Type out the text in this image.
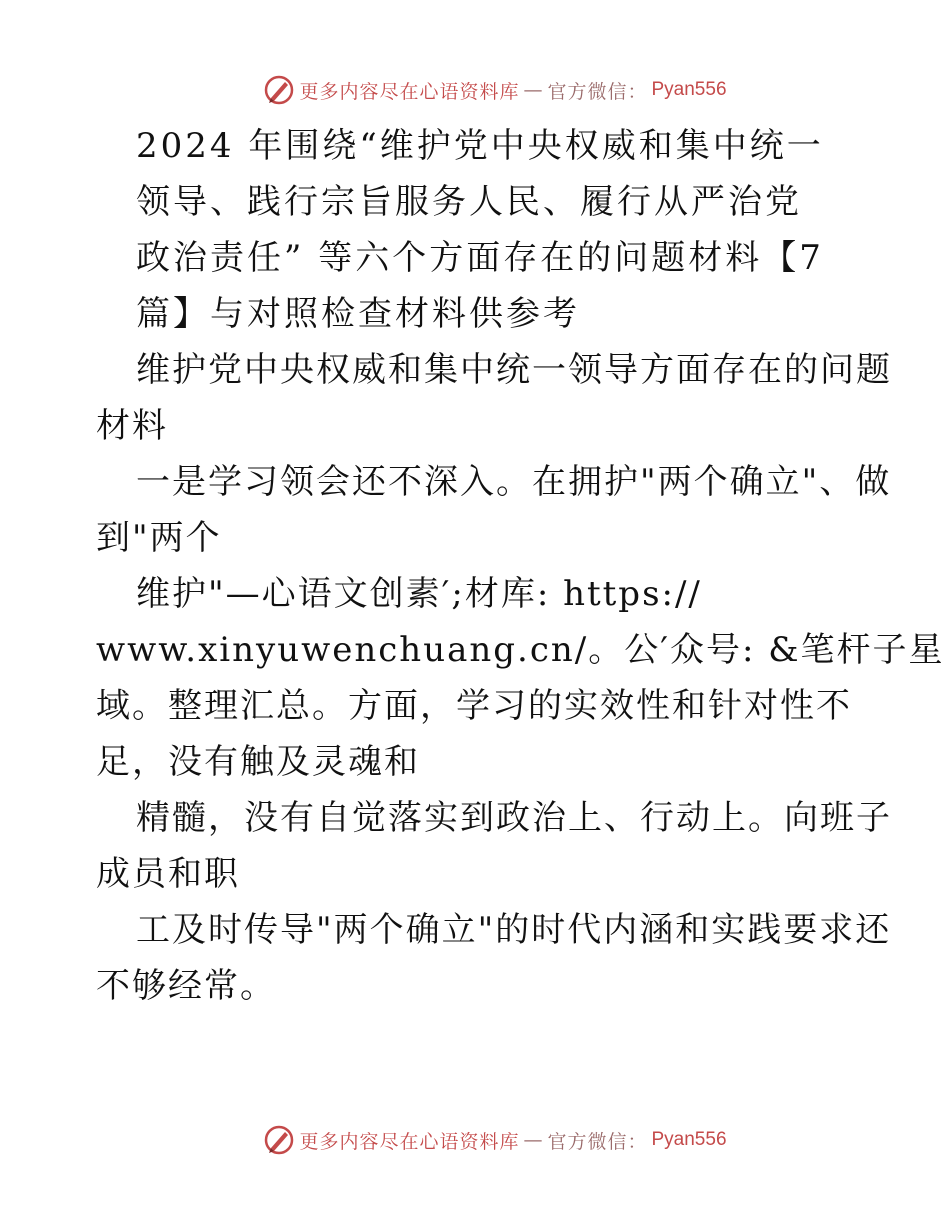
更多内容尽在心语资料库 — 官方微信： Pyan556
2024 年围绕“维护党中央权威和集中统一
领导、践行宗旨服务人民、履行从严治党
政治责任” 等六个方面存在的问题材料【7
篇】与对照检查材料供参考
维护党中央权威和集中统一领导方面存在的问题
材料
一是学习领会还不深入。在拥护"两个确立"、做
到"两个
维护"—心语文创素′;材库: https://
www.xinyuwenchuang.cn/。公′众号: &笔杆子星
域。整理汇总。方面，学习的实效性和针对性不
足，没有触及灵魂和
精髓，没有自觉落实到政治上、行动上。向班子
成员和职
工及时传导"两个确立"的时代内涵和实践要求还
不够经常。
更多内容尽在心语资料库 — 官方微信： Pyan556
